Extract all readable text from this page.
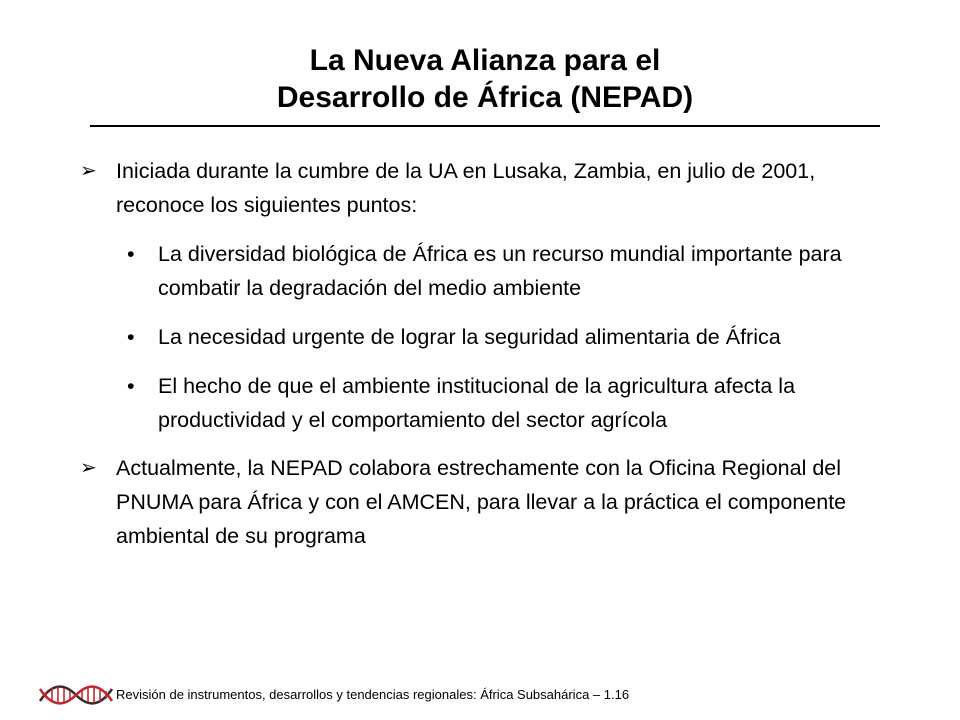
La Nueva Alianza para el
Desarrollo de África (NEPAD)
➢ Iniciada durante la cumbre de la UA en Lusaka, Zambia, en julio de 2001, reconoce los siguientes puntos:
• La diversidad biológica de África es un recurso mundial importante para combatir la degradación del medio ambiente
• La necesidad urgente de lograr la seguridad alimentaria de África
• El hecho de que el ambiente institucional de la agricultura afecta la productividad y el comportamiento del sector agrícola
➢ Actualmente, la NEPAD colabora estrechamente con la Oficina Regional del PNUMA para África y con el AMCEN, para llevar a la práctica el componente ambiental de su programa
Revisión de instrumentos, desarrollos y tendencias regionales: África Subsahárica – 1.16
